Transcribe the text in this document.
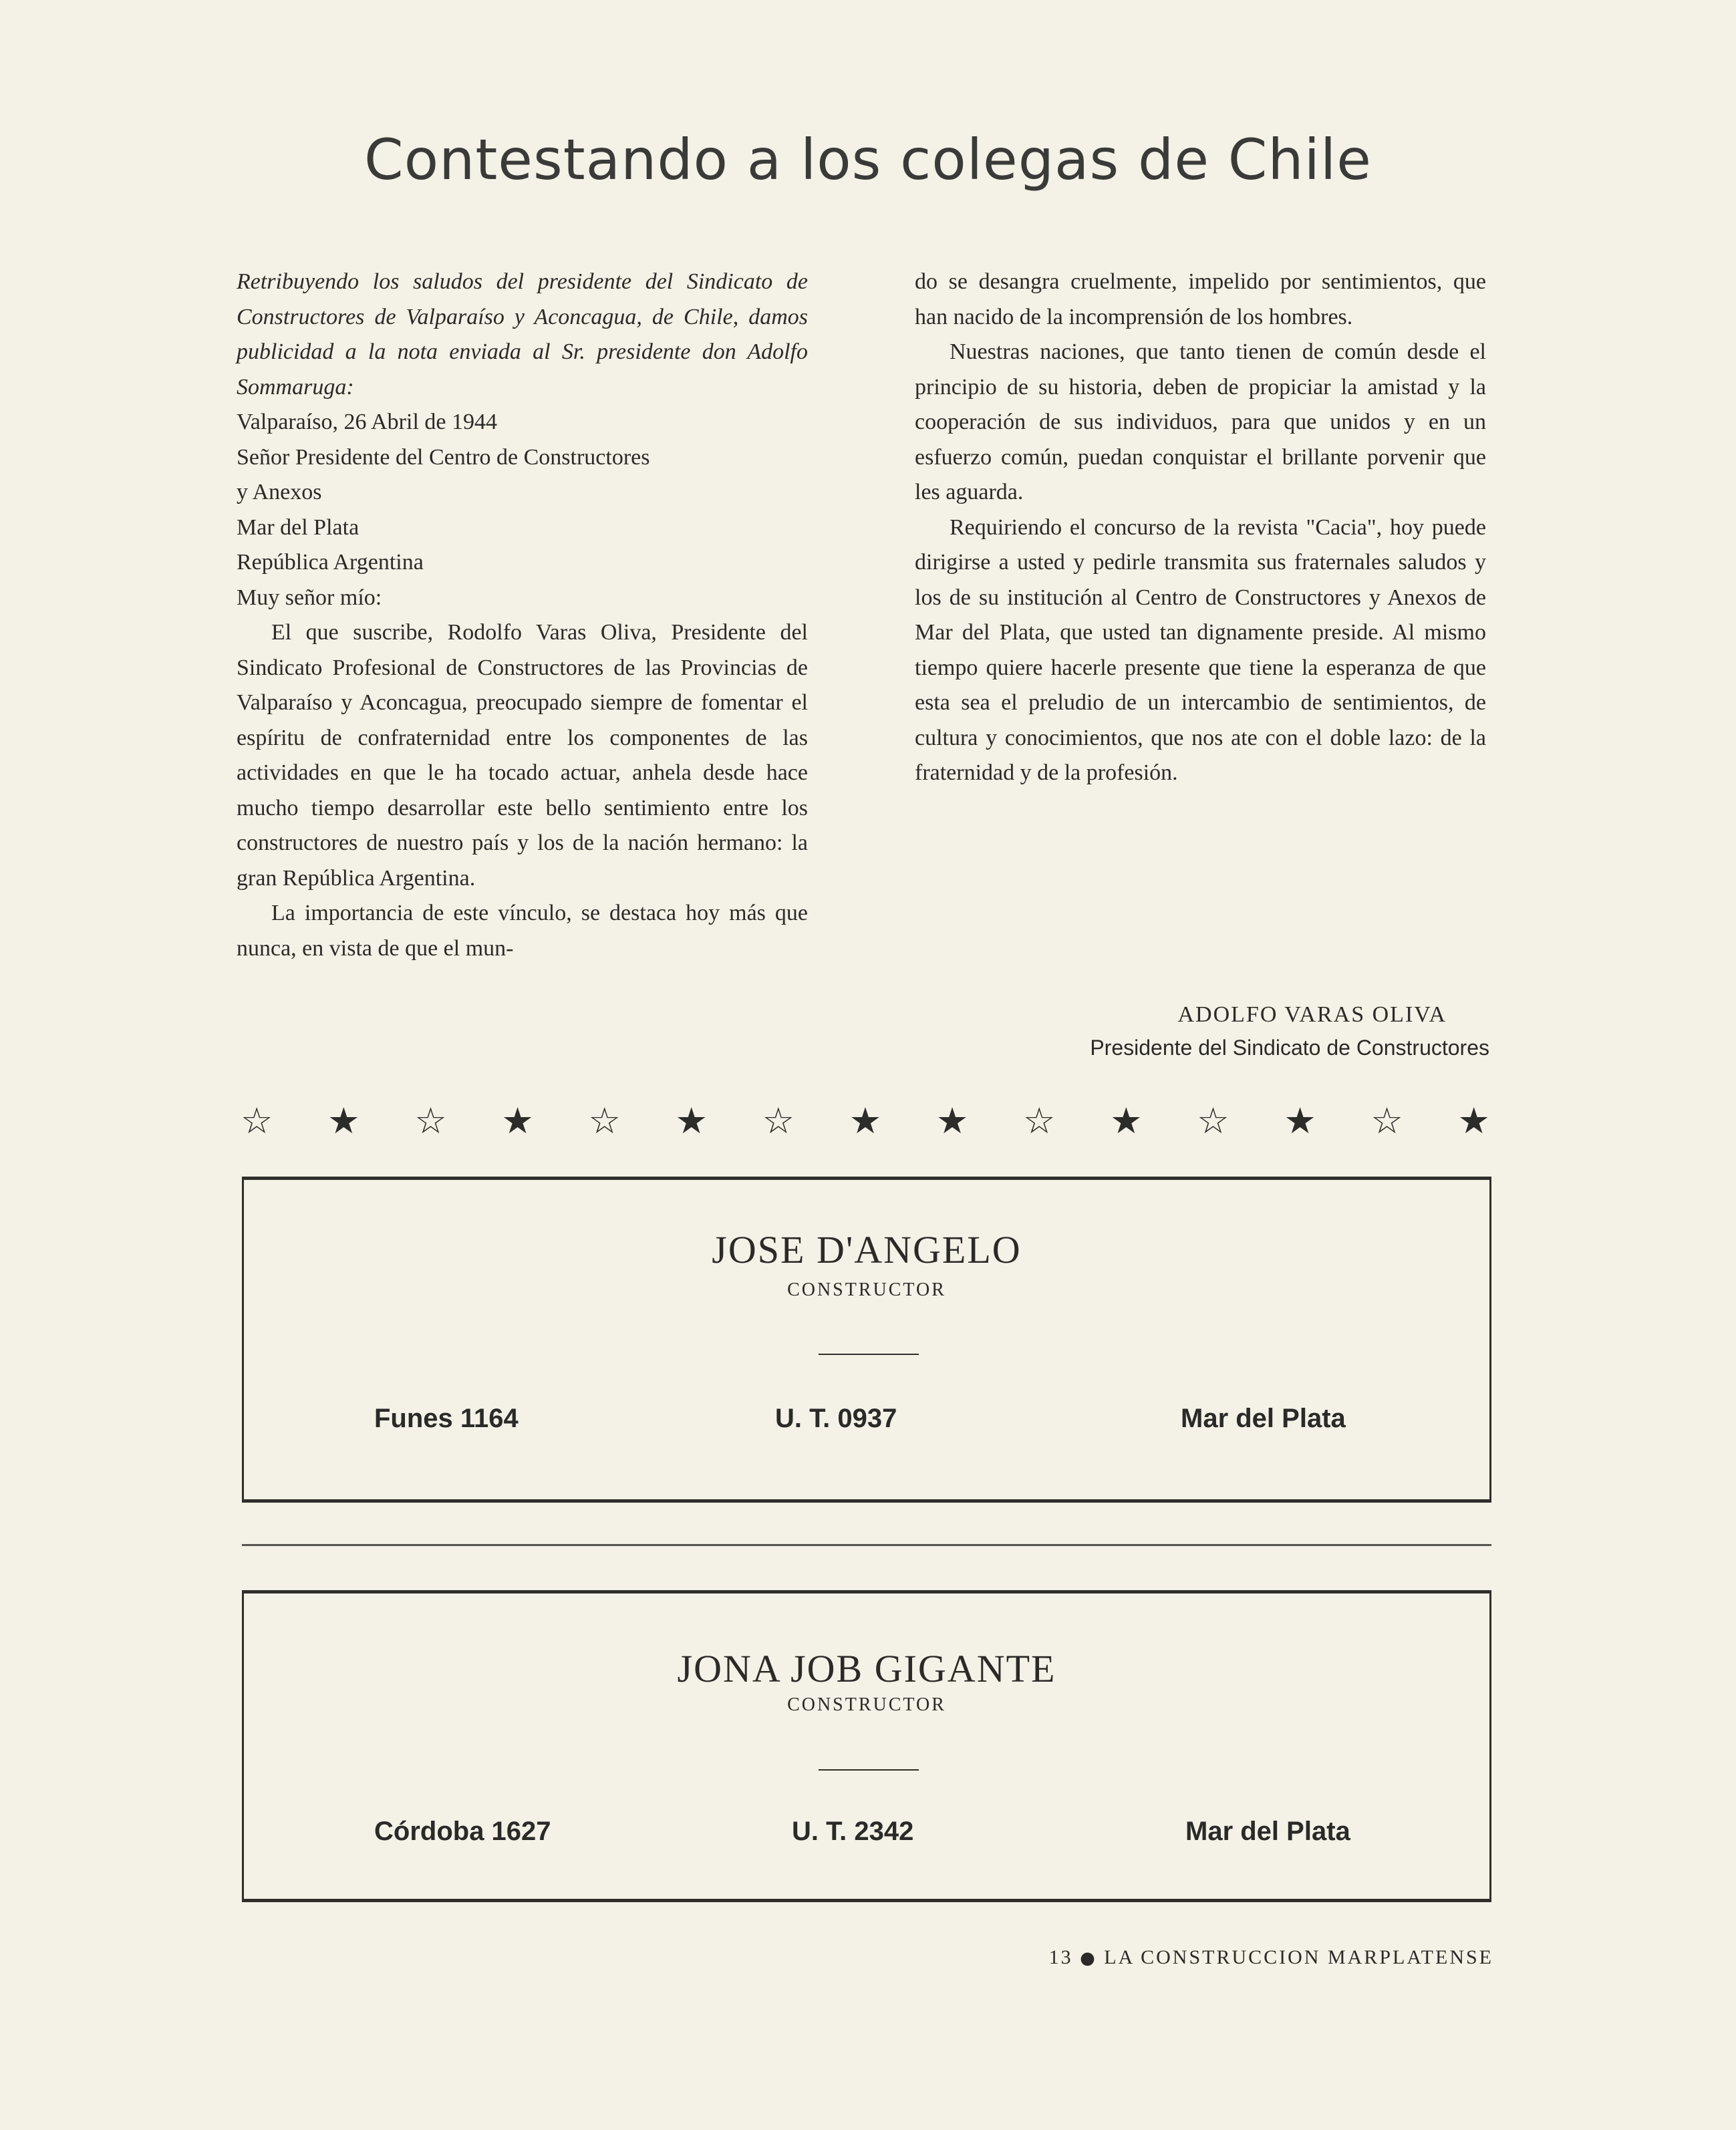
Contestando a los colegas de Chile

Retribuyendo los saludos del presidente del Sindicato de Constructores de Valparaíso y Aconcagua, de Chile, damos publicidad a la nota enviada al Sr. presidente don Adolfo Sommaruga:

Valparaíso, 26 Abril de 1944
Señor Presidente del Centro de Constructores
y Anexos
Mar del Plata
República Argentina
Muy señor mío:

El que suscribe, Rodolfo Varas Oliva, Presidente del Sindicato Profesional de Constructores de las Provincias de Valparaíso y Aconcagua, preocupado siempre de fomentar el espíritu de confraternidad entre los componentes de las actividades en que le ha tocado actuar, anhela desde hace mucho tiempo desarrollar este bello sentimiento entre los constructores de nuestro país y los de la nación hermano: la gran República Argentina.

La importancia de este vínculo, se destaca hoy más que nunca, en vista de que el mun-

do se desangra cruelmente, impelido por sentimientos, que han nacido de la incomprensión de los hombres.

Nuestras naciones, que tanto tienen de común desde el principio de su historia, deben de propiciar la amistad y la cooperación de sus individuos, para que unidos y en un esfuerzo común, puedan conquistar el brillante porvenir que les aguarda.

Requiriendo el concurso de la revista "Cacia", hoy puede dirigirse a usted y pedirle transmita sus fraternales saludos y los de su institución al Centro de Constructores y Anexos de Mar del Plata, que usted tan dignamente preside. Al mismo tiempo quiere hacerle presente que tiene la esperanza de que esta sea el preludio de un intercambio de sentimientos, de cultura y conocimientos, que nos ate con el doble lazo: de la fraternidad y de la profesión.

ADOLFO VARAS OLIVA
Presidente del Sindicato de Constructores
☆ ★ ☆ ★ ☆ ★ ☆ ★ ★ ☆ ★ ☆ ★ ☆ ★
JOSE D'ANGELO
CONSTRUCTOR
Funes 1164	U. T. 0937	Mar del Plata
JONA JOB GIGANTE
CONSTRUCTOR
Córdoba 1627	U. T. 2342	Mar del Plata
13 ● LA CONSTRUCCION MARPLATENSE
